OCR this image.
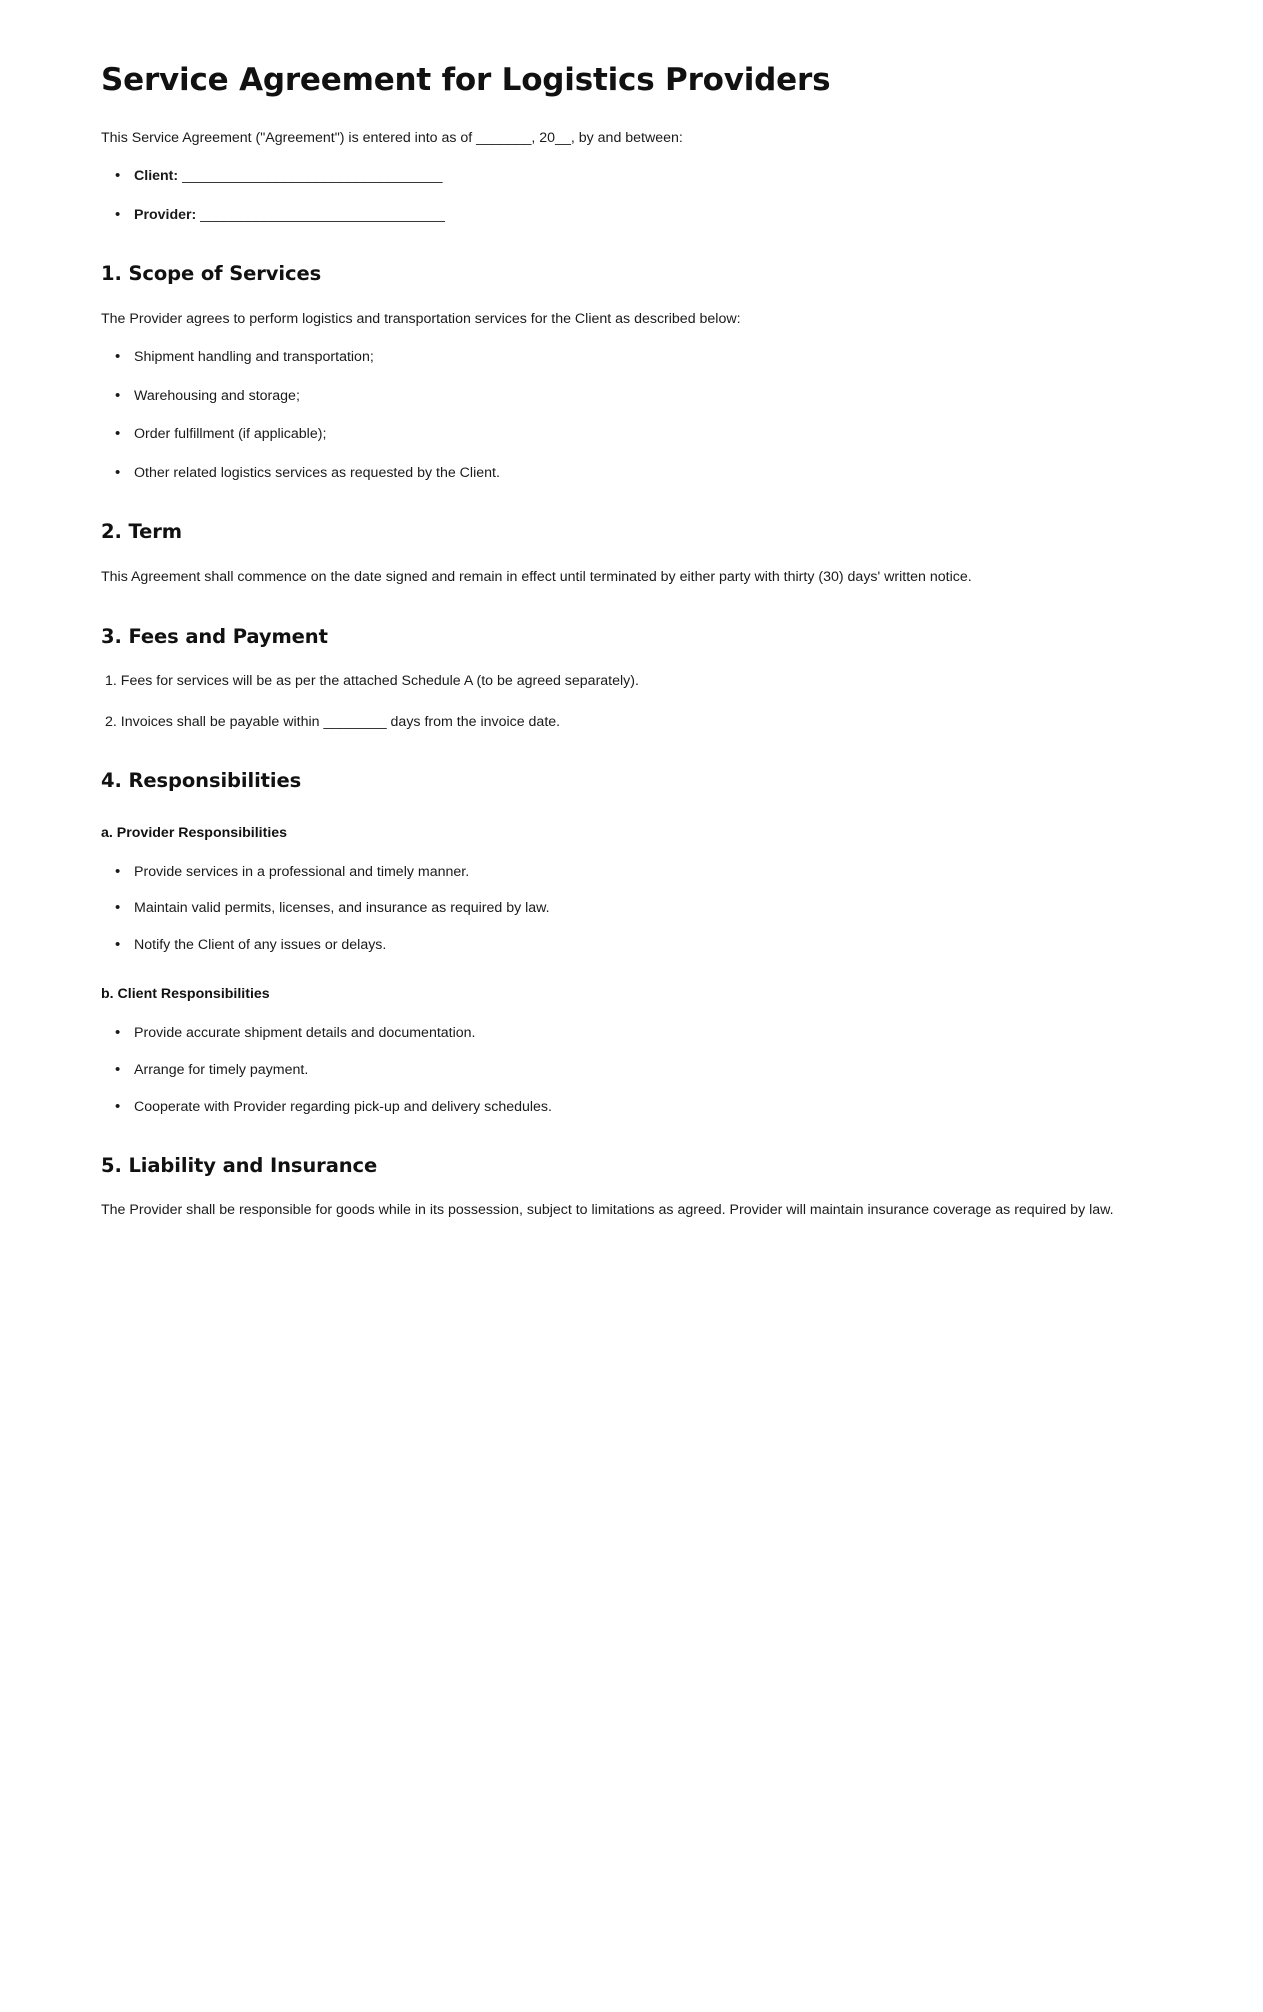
Service Agreement for Logistics Providers

This Service Agreement ("Agreement") is entered into as of _______, 20__, by and between:

• Client: _________________________________
• Provider: _______________________________
1. Scope of Services

The Provider agrees to perform logistics and transportation services for the Client as described below:

• Shipment handling and transportation;
• Warehousing and storage;
• Order fulfillment (if applicable);
• Other related logistics services as requested by the Client.
2. Term

This Agreement shall commence on the date signed and remain in effect until terminated by either party with thirty (30) days' written notice.

3. Fees and Payment
1. Fees for services will be as per the attached Schedule A (to be agreed separately).
2. Invoices shall be payable within ________ days from the invoice date.
4. Responsibilities
a. Provider Responsibilities
• Provide services in a professional and timely manner.
• Maintain valid permits, licenses, and insurance as required by law.
• Notify the Client of any issues or delays.
b. Client Responsibilities
• Provide accurate shipment details and documentation.
• Arrange for timely payment.
• Cooperate with Provider regarding pick-up and delivery schedules.
5. Liability and Insurance

The Provider shall be responsible for goods while in its possession, subject to limitations as agreed. Provider will maintain insurance coverage as required by law.
